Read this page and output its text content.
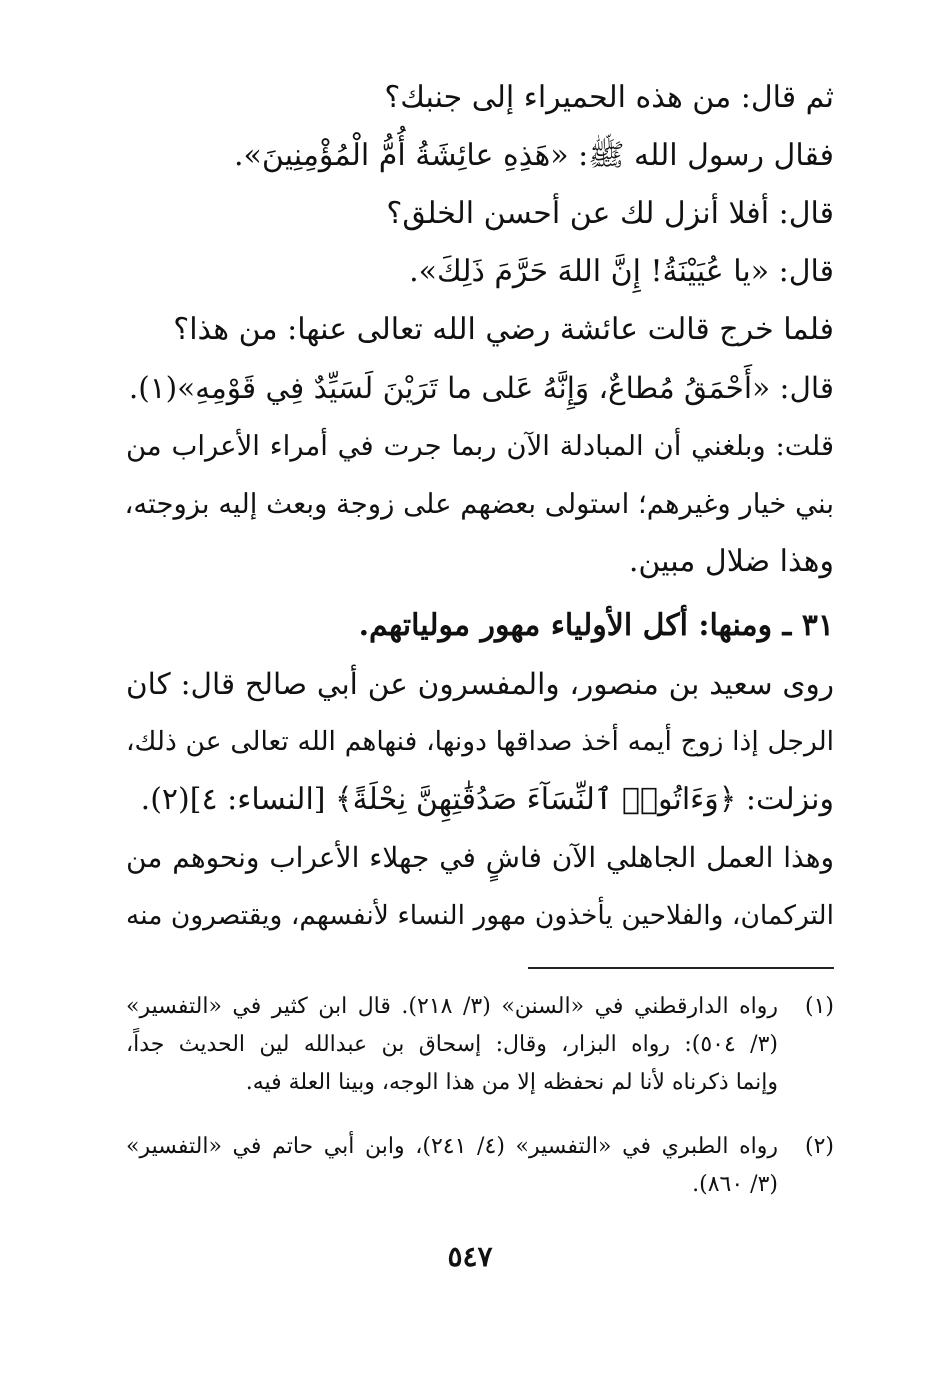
ثم قال: من هذه الحميراء إلى جنبك؟
فقال رسول الله ﷺ: «هَذِهِ عائِشَةُ أُمُّ الْمُؤْمِنِينَ».
قال: أفلا أنزل لك عن أحسن الخلق؟
قال: «يا عُيَيْنَةُ! إِنَّ اللهَ حَرَّمَ ذَلِكَ».
فلما خرج قالت عائشة رضي الله تعالى عنها: من هذا؟
قال: «أَحْمَقُ مُطاعٌ، وَإِنَّهُ عَلى ما تَرَيْنَ لَسَيِّدٌ فِي قَوْمِهِ»(١).
قلت: وبلغني أن المبادلة الآن ربما جرت في أمراء الأعراب من
بني خيار وغيرهم؛ استولى بعضهم على زوجة وبعث إليه بزوجته،
وهذا ضلال مبين.
٣١ ـ ومنها: أكل الأولياء مهور مولياتهم.
روى سعيد بن منصور، والمفسرون عن أبي صالح قال: كان
الرجل إذا زوج أيمه أخذ صداقها دونها، فنهاهم الله تعالى عن ذلك،
ونزلت: ﴿وَءَاتُوا۟ ٱلنِّسَآءَ صَدُقَٰتِهِنَّ نِحْلَةً﴾ [النساء: ٤](٢).
وهذا العمل الجاهلي الآن فاشٍ في جهلاء الأعراب ونحوهم من
التركمان، والفلاحين يأخذون مهور النساء لأنفسهم، ويقتصرون منه
(١)
رواه الدارقطني في «السنن» (٣/ ٢١٨). قال ابن كثير في «التفسير»
(٣/ ٥٠٤): رواه البزار، وقال: إسحاق بن عبدالله لين الحديث جداً،
وإنما ذكرناه لأنا لم نحفظه إلا من هذا الوجه، وبينا العلة فيه.
(٢)
رواه الطبري في «التفسير» (٤/ ٢٤١)، وابن أبي حاتم في «التفسير»
(٣/ ٨٦٠).
٥٤٧
